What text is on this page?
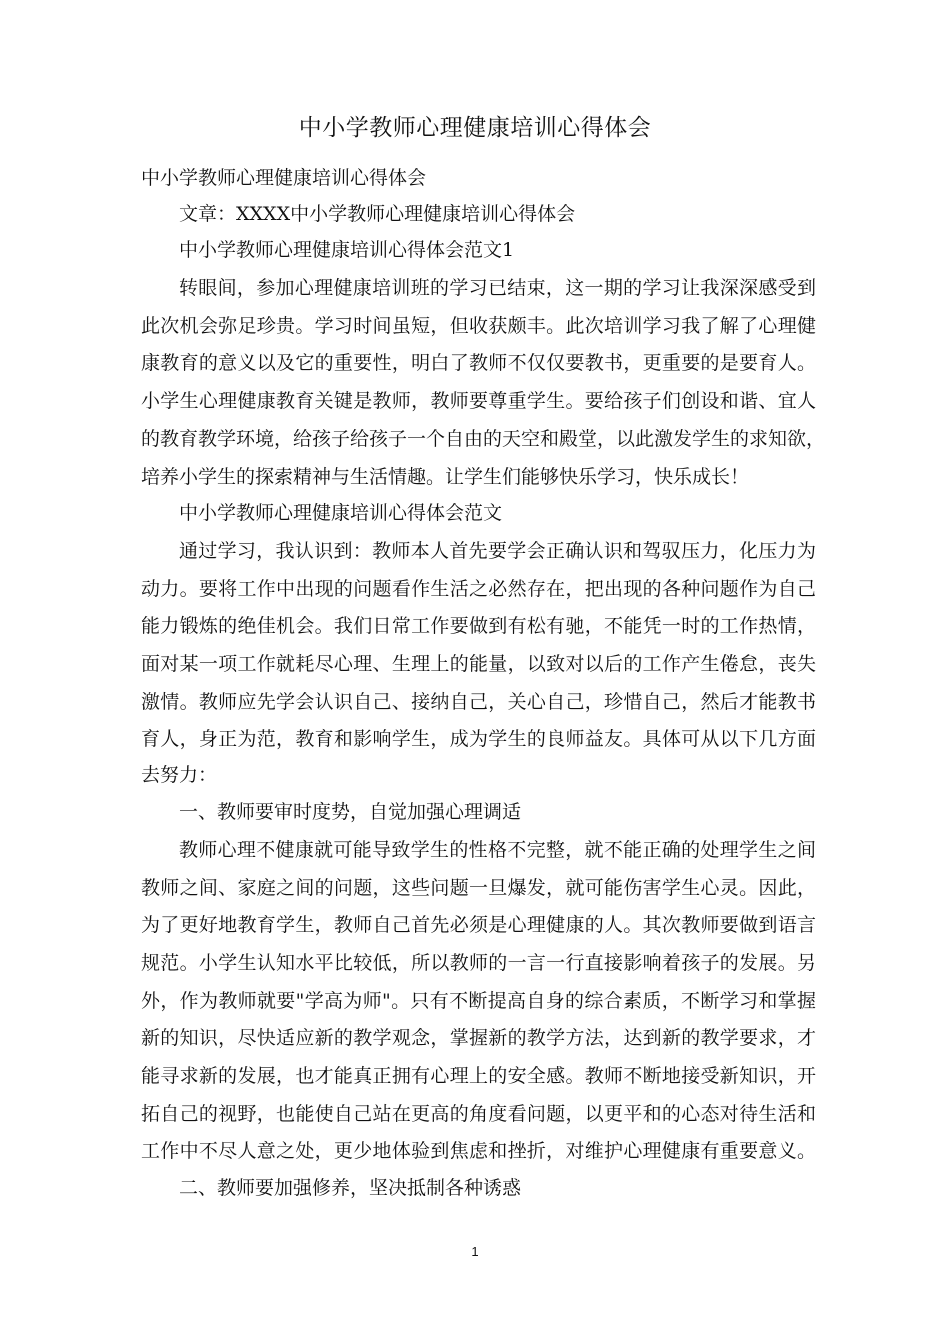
中小学教师心理健康培训心得体会
中小学教师心理健康培训心得体会
文章：XXXX中小学教师心理健康培训心得体会
中小学教师心理健康培训心得体会范文1
转眼间，参加心理健康培训班的学习已结束，这一期的学习让我深深感受到
此次机会弥足珍贵。学习时间虽短，但收获颇丰。此次培训学习我了解了心理健
康教育的意义以及它的重要性，明白了教师不仅仅要教书，更重要的是要育人。
小学生心理健康教育关键是教师，教师要尊重学生。要给孩子们创设和谐、宜人
的教育教学环境，给孩子给孩子一个自由的天空和殿堂，以此激发学生的求知欲，
培养小学生的探索精神与生活情趣。让学生们能够快乐学习，快乐成长！
中小学教师心理健康培训心得体会范文
通过学习，我认识到：教师本人首先要学会正确认识和驾驭压力，化压力为
动力。要将工作中出现的问题看作生活之必然存在，把出现的各种问题作为自己
能力锻炼的绝佳机会。我们日常工作要做到有松有驰，不能凭一时的工作热情，
面对某一项工作就耗尽心理、生理上的能量，以致对以后的工作产生倦怠，丧失
激情。教师应先学会认识自己、接纳自己，关心自己，珍惜自己，然后才能教书
育人，身正为范，教育和影响学生，成为学生的良师益友。具体可从以下几方面
去努力：
一、教师要审时度势，自觉加强心理调适
教师心理不健康就可能导致学生的性格不完整，就不能正确的处理学生之间
教师之间、家庭之间的问题，这些问题一旦爆发，就可能伤害学生心灵。因此，
为了更好地教育学生，教师自己首先必须是心理健康的人。其次教师要做到语言
规范。小学生认知水平比较低，所以教师的一言一行直接影响着孩子的发展。另
外，作为教师就要"学高为师"。只有不断提高自身的综合素质，不断学习和掌握
新的知识，尽快适应新的教学观念，掌握新的教学方法，达到新的教学要求，才
能寻求新的发展，也才能真正拥有心理上的安全感。教师不断地接受新知识，开
拓自己的视野，也能使自己站在更高的角度看问题，以更平和的心态对待生活和
工作中不尽人意之处，更少地体验到焦虑和挫折，对维护心理健康有重要意义。
二、教师要加强修养，坚决抵制各种诱惑
1
